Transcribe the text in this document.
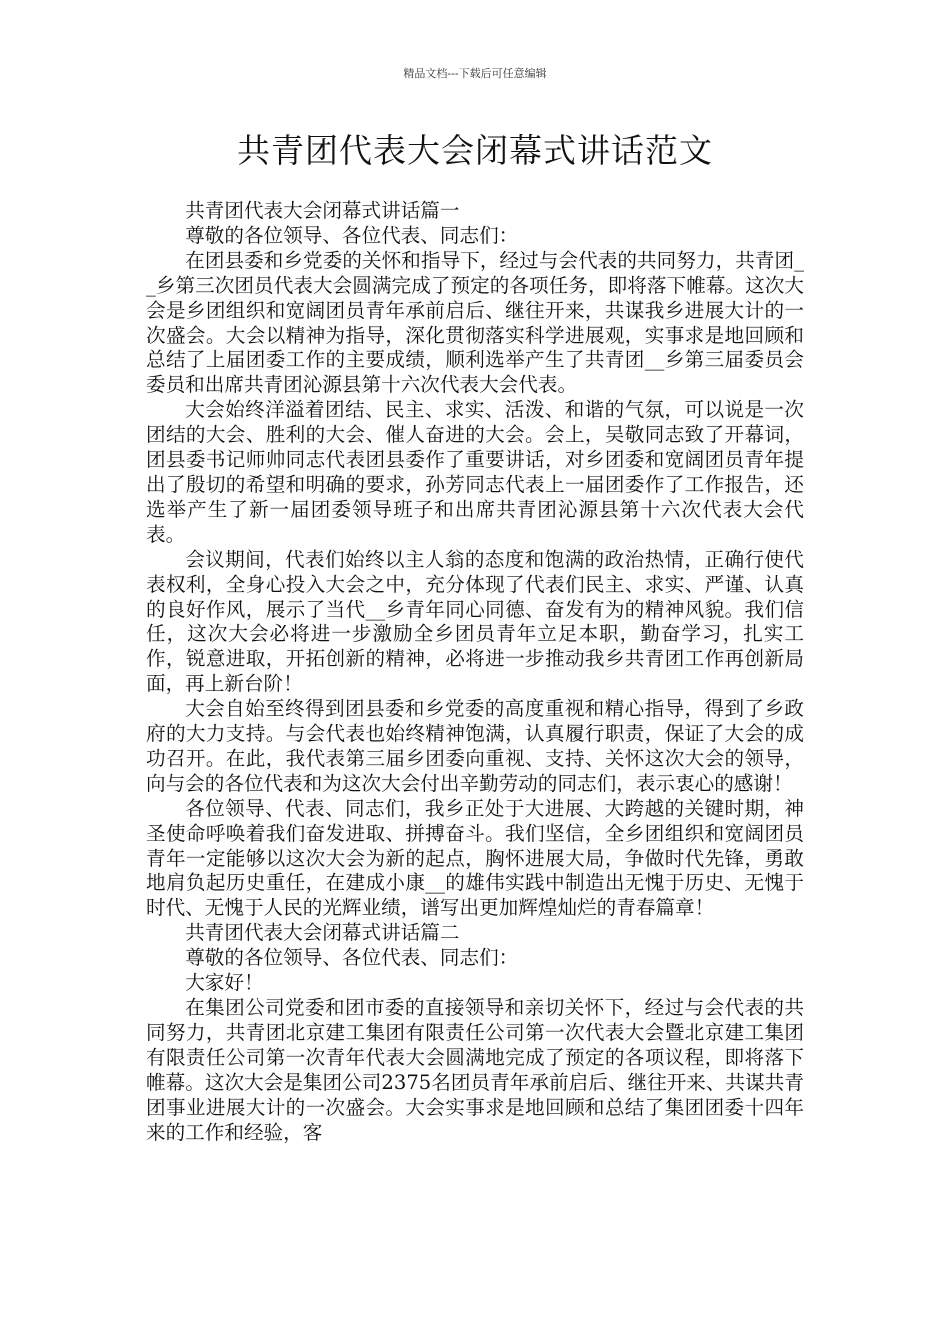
精品文档---下载后可任意编辑
共青团代表大会闭幕式讲话范文

共青团代表大会闭幕式讲话篇一

尊敬的各位领导、各位代表、同志们：

在团县委和乡党委的关怀和指导下，经过与会代表的共同努力，共青团__乡第三次团员代表大会圆满完成了预定的各项任务，即将落下帷幕。这次大会是乡团组织和宽阔团员青年承前启后、继往开来，共谋我乡进展大计的一次盛会。大会以精神为指导，深化贯彻落实科学进展观，实事求是地回顾和总结了上届团委工作的主要成绩，顺利选举产生了共青团__乡第三届委员会委员和出席共青团沁源县第十六次代表大会代表。

大会始终洋溢着团结、民主、求实、活泼、和谐的气氛，可以说是一次团结的大会、胜利的大会、催人奋进的大会。会上，吴敬同志致了开幕词，团县委书记师帅同志代表团县委作了重要讲话，对乡团委和宽阔团员青年提出了殷切的希望和明确的要求，孙芳同志代表上一届团委作了工作报告，还选举产生了新一届团委领导班子和出席共青团沁源县第十六次代表大会代表。

会议期间，代表们始终以主人翁的态度和饱满的政治热情，正确行使代表权利，全身心投入大会之中，充分体现了代表们民主、求实、严谨、认真的良好作风，展示了当代__乡青年同心同德、奋发有为的精神风貌。我们信任，这次大会必将进一步激励全乡团员青年立足本职，勤奋学习，扎实工作，锐意进取，开拓创新的精神，必将进一步推动我乡共青团工作再创新局面，再上新台阶！

大会自始至终得到团县委和乡党委的高度重视和精心指导，得到了乡政府的大力支持。与会代表也始终精神饱满，认真履行职责，保证了大会的成功召开。在此，我代表第三届乡团委向重视、支持、关怀这次大会的领导，向与会的各位代表和为这次大会付出辛勤劳动的同志们，表示衷心的感谢！

各位领导、代表、同志们，我乡正处于大进展、大跨越的关键时期，神圣使命呼唤着我们奋发进取、拼搏奋斗。我们坚信，全乡团组织和宽阔团员青年一定能够以这次大会为新的起点，胸怀进展大局，争做时代先锋，勇敢地肩负起历史重任，在建成小康__的雄伟实践中制造出无愧于历史、无愧于时代、无愧于人民的光辉业绩，谱写出更加辉煌灿烂的青春篇章！

共青团代表大会闭幕式讲话篇二

尊敬的各位领导、各位代表、同志们：

大家好！

在集团公司党委和团市委的直接领导和亲切关怀下，经过与会代表的共同努力，共青团北京建工集团有限责任公司第一次代表大会暨北京建工集团有限责任公司第一次青年代表大会圆满地完成了预定的各项议程，即将落下帷幕。这次大会是集团公司2375名团员青年承前启后、继往开来、共谋共青团事业进展大计的一次盛会。大会实事求是地回顾和总结了集团团委十四年来的工作和经验，客
